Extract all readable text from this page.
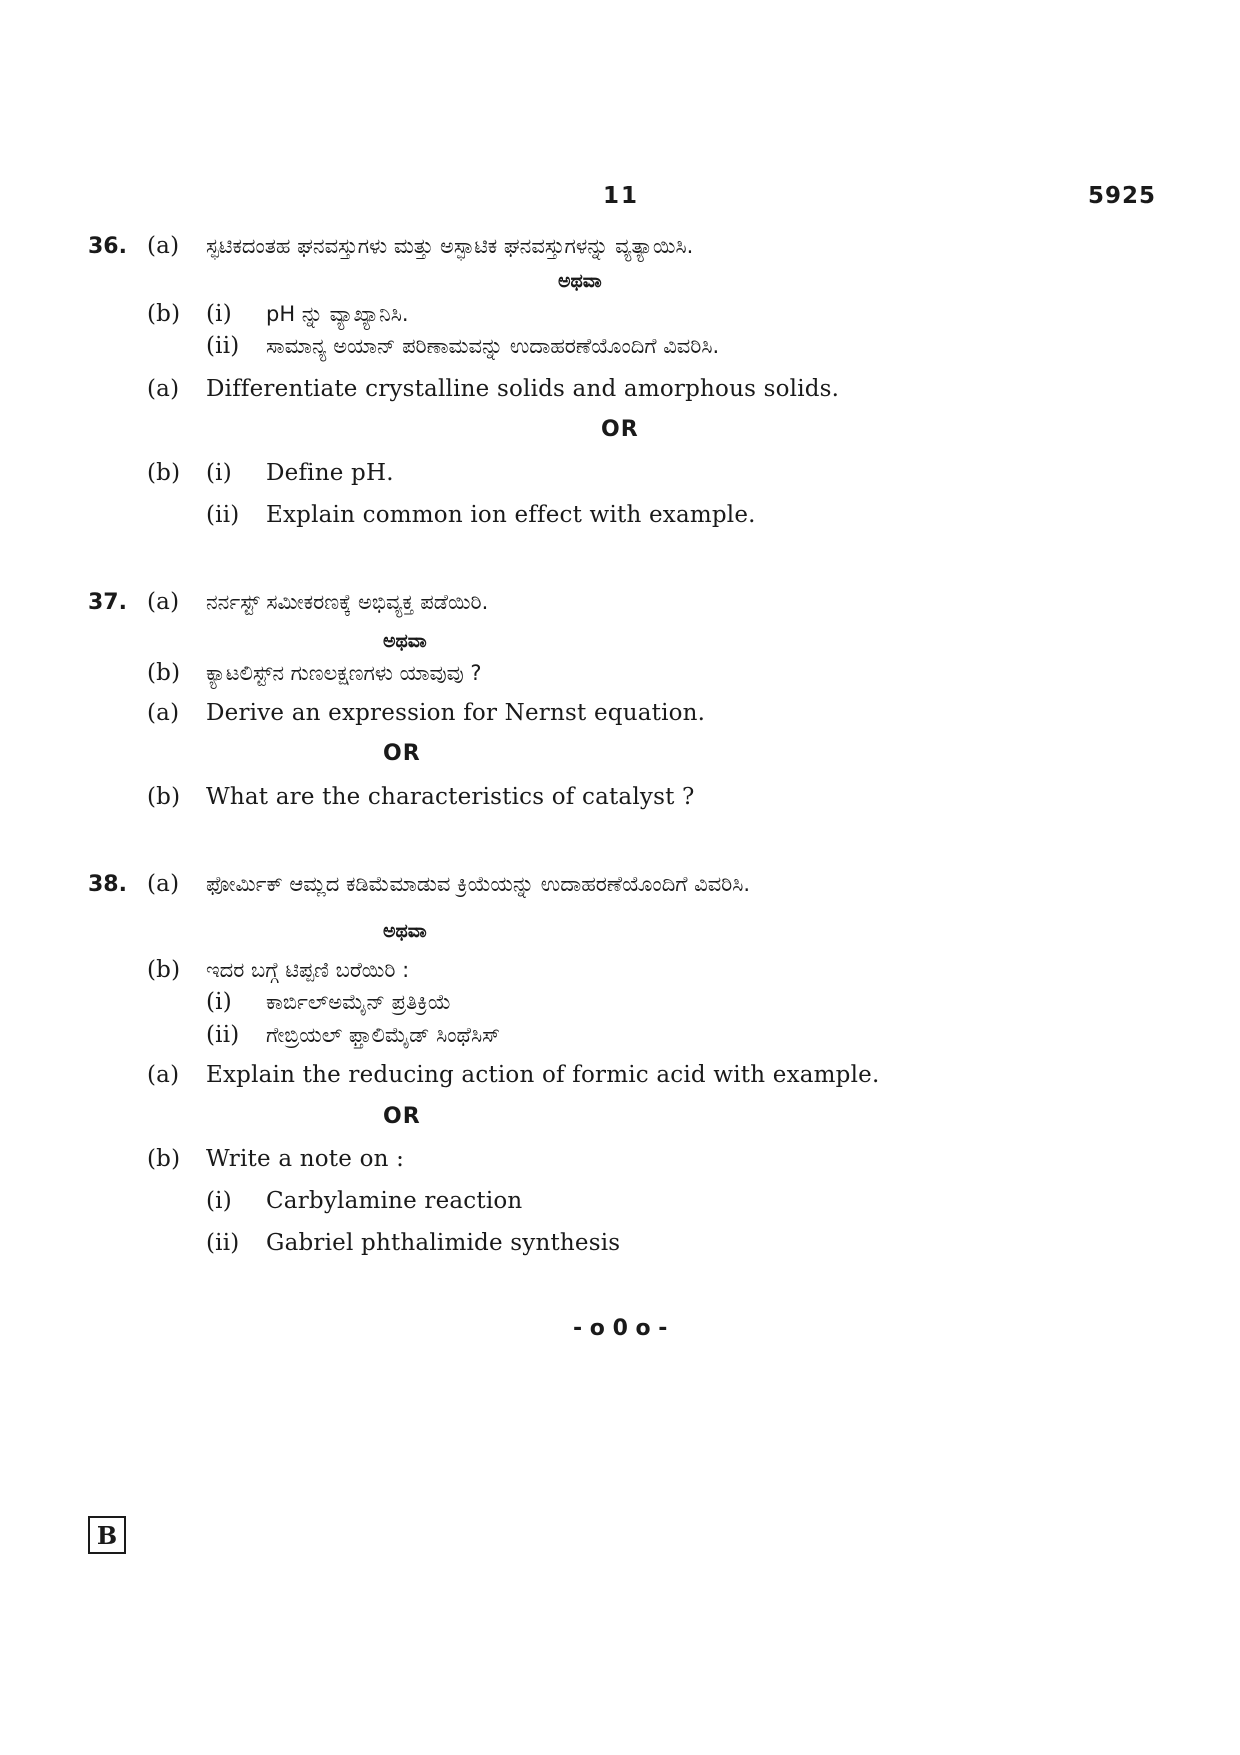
11	5925
36. (a) ಸ್ಫಟಿಕದಂತಹ ಘನವಸ್ತುಗಳು ಮತ್ತು ಅಸ್ಫಾಟಿಕ ಘನವಸ್ತುಗಳನ್ನು ವ್ಯತ್ಯಾಯಿಸಿ.
ಅಥವಾ
(b) (i) pH ನ್ನು ವ್ಯಾಖ್ಯಾನಿಸಿ.
(ii) ಸಾಮಾನ್ಯ ಅಯಾನ್ ಪರಿಣಾಮವನ್ನು ಉದಾಹರಣೆಯೊಂದಿಗೆ ವಿವರಿಸಿ.
(a) Differentiate crystalline solids and amorphous solids.
OR
(b) (i) Define pH.
(ii) Explain common ion effect with example.
37. (a) ನರ್ನಸ್ಟ್ ಸಮೀಕರಣಕ್ಕೆ ಅಭಿವ್ಯಕ್ತ ಪಡೆಯಿರಿ.
ಅಥವಾ
(b) ಕ್ಯಾಟಲಿಸ್ಟ್‌ನ ಗುಣಲಕ್ಷಣಗಳು ಯಾವುವು ?
(a) Derive an expression for Nernst equation.
OR
(b) What are the characteristics of catalyst ?
38. (a) ಫೋರ್ಮಿಕ್ ಆಮ್ಲದ ಕಡಿಮೆಮಾಡುವ ಕ್ರಿಯೆಯನ್ನು ಉದಾಹರಣೆಯೊಂದಿಗೆ ವಿವರಿಸಿ.
ಅಥವಾ
(b) ಇದರ ಬಗ್ಗೆ ಟಿಪ್ಪಣಿ ಬರೆಯಿರಿ :
(i) ಕಾರ್ಬಿಲ್‌ಅಮೈನ್ ಪ್ರತಿಕ್ರಿಯೆ
(ii) ಗೇಬ್ರಿಯಲ್ ಫ್ತಾಲಿಮೈಡ್ ಸಿಂಥೆಸಿಸ್
(a) Explain the reducing action of formic acid with example.
OR
(b) Write a note on :
(i) Carbylamine reaction
(ii) Gabriel phthalimide synthesis
- o 0 o -
B
